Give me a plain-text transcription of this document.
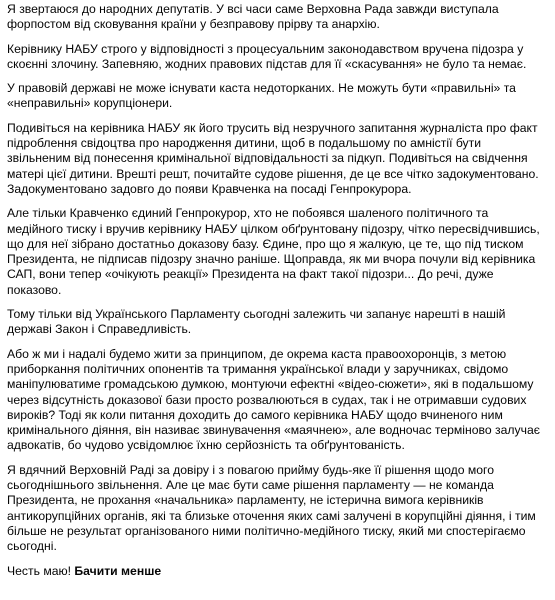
Я звертаюся до народних депутатів. У всі часи саме Верховна Рада завжди виступала форпостом від сковування країни у безправову прірву та анархію.

Керівнику НАБУ строго у відповідності з процесуальним законодавством вручена підозра у скоєнні злочину. Запевняю, жодних правових підстав для її «скасування» не було та немає.

У правовій державі не може існувати каста недоторканих. Не можуть бути «правильні» та «неправильні» корупціонери.

Подивіться на керівника НАБУ як його трусить від незручного запитання журналіста про факт підроблення свідоцтва про народження дитини, щоб в подальшому по амністії бути звільненим від понесення кримінальної відповідальності за підкуп. Подивіться на свідчення матері цієї дитини. Врешті решт, почитайте судове рішення, де це все чітко задокументовано. Задокументовано задовго до появи Кравченка на посаді Генпрокурора.

Але тільки Кравченко єдиний Генпрокурор, хто не побоявся шаленого політичного та медійного тиску і вручив керівнику НАБУ цілком обґрунтовану підозру, чітко пересвідчившись, що для неї зібрано достатньо доказову базу. Єдине, про що я жалкую, це те, що під тиском Президента, не підписав підозру значно раніше. Щоправда, як ми вчора почули від керівника САП, вони тепер «очікують реакції» Президента на факт такої підозри... До речі, дуже показово.

Тому тільки від Українського Парламенту сьогодні залежить чи запанує нарешті в нашій державі Закон і Справедливість.

Або ж ми і надалі будемо жити за принципом, де окрема каста правоохоронців, з метою приборкання політичних опонентів та тримання української влади у заручниках, свідомо маніпулюватиме громадською думкою, монтуючи ефектні «відео-сюжети», які в подальшому через відсутність доказової бази просто розвалюються в судах, так і не отримавши судових вироків? Тоді як коли питання доходить до самого керівника НАБУ щодо вчиненого ним кримінального діяння, він називає звинувачення «маячнею», але водночас терміново залучає адвокатів, бо чудово усвідомлює їхню серйозність та обґрунтованість.

Я вдячний Верховній Раді за довіру і з повагою прийму будь-яке її рішення щодо мого сьогоднішнього звільнення. Але це має бути саме рішення парламенту — не команда Президента, не прохання «начальника» парламенту, не істерична вимога керівників антикорупційних органів, які та близьке оточення яких самі залучені в корупційні діяння, і тим більше не результат організованого ними політично-медійного тиску, який ми спостерігаємо сьогодні.

Честь маю! Бачити менше
